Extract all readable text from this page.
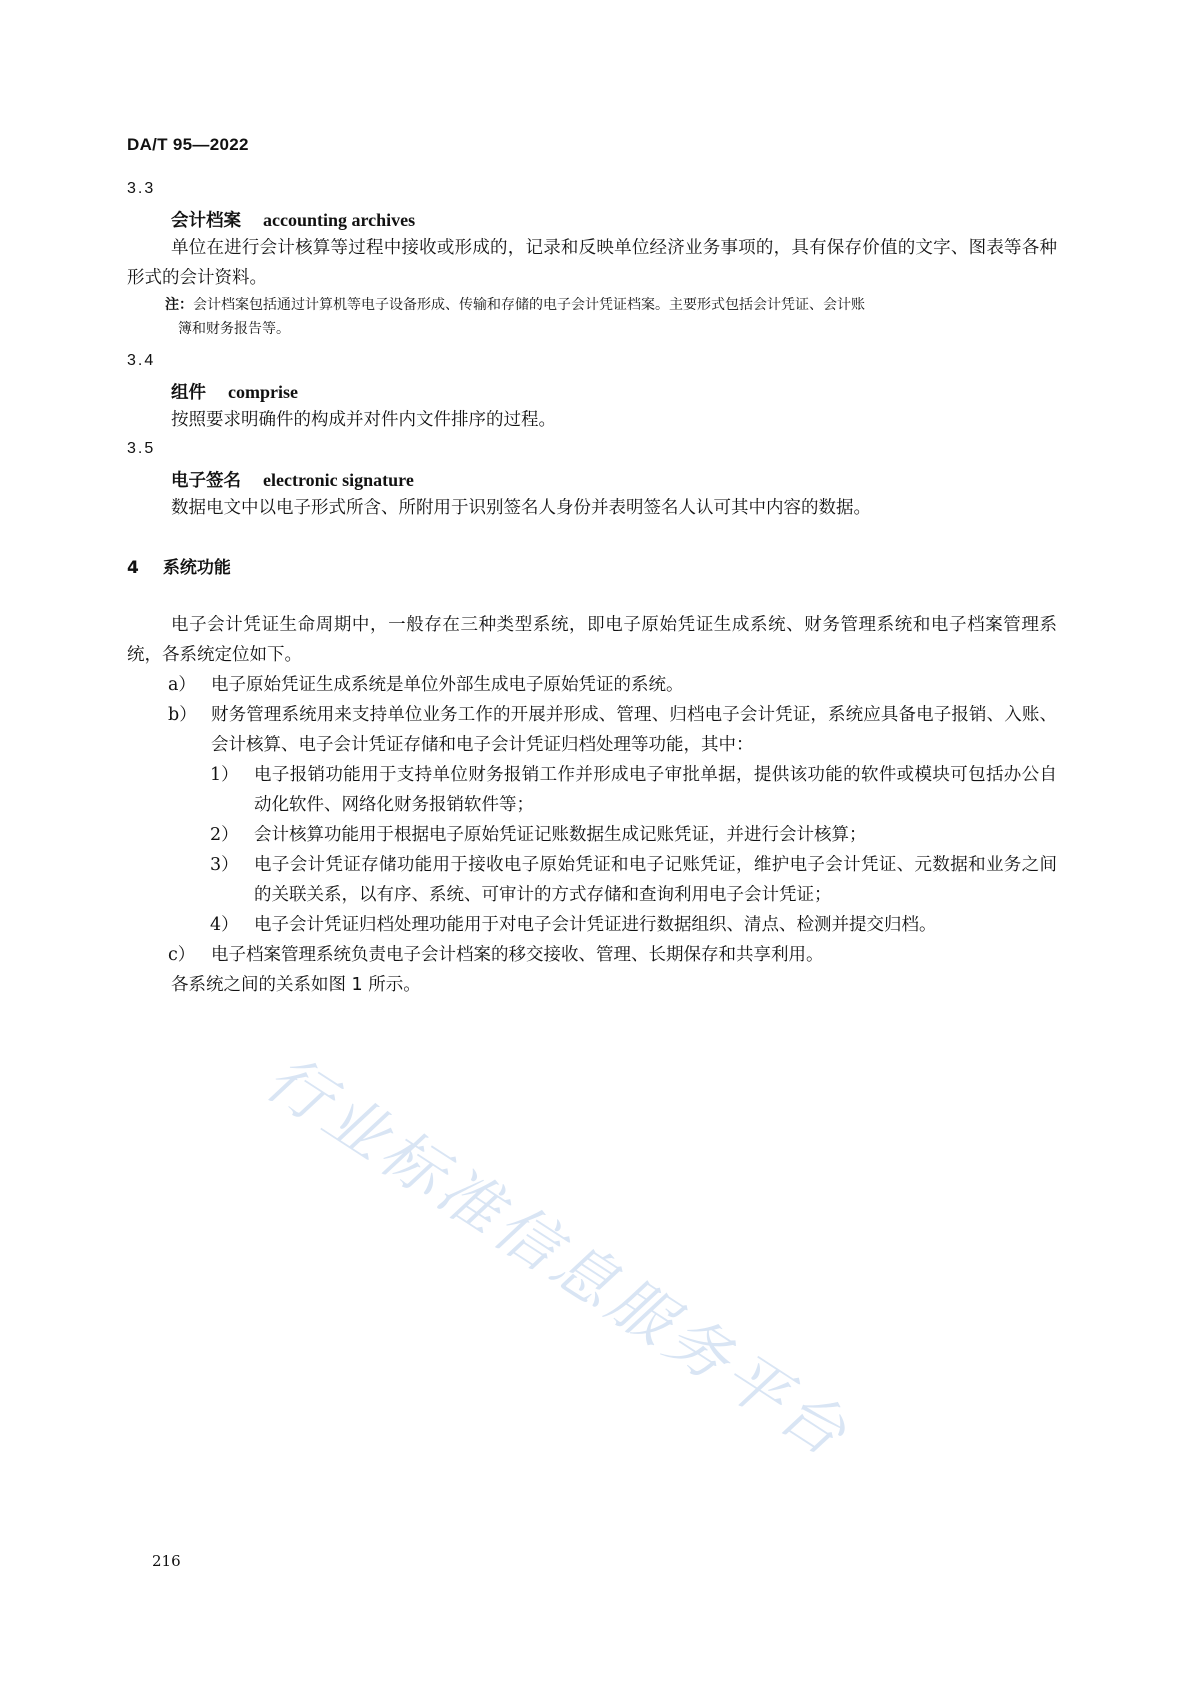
DA/T 95—2022
3.3
会计档案 accounting archives
单位在进行会计核算等过程中接收或形成的，记录和反映单位经济业务事项的，具有保存价值的文字、图表等各种形式的会计资料。
注：会计档案包括通过计算机等电子设备形成、传输和存储的电子会计凭证档案。主要形式包括会计凭证、会计账
簿和财务报告等。
3.4
组件 comprise
按照要求明确件的构成并对件内文件排序的过程。
3.5
电子签名 electronic signature
数据电文中以电子形式所含、所附用于识别签名人身份并表明签名人认可其中内容的数据。
4 系统功能
电子会计凭证生命周期中，一般存在三种类型系统，即电子原始凭证生成系统、财务管理系统和电子档案管理系统，各系统定位如下。
a） 电子原始凭证生成系统是单位外部生成电子原始凭证的系统。
b） 财务管理系统用来支持单位业务工作的开展并形成、管理、归档电子会计凭证，系统应具备电子报销、入账、会计核算、电子会计凭证存储和电子会计凭证归档处理等功能，其中：
1） 电子报销功能用于支持单位财务报销工作并形成电子审批单据，提供该功能的软件或模块可包括办公自动化软件、网络化财务报销软件等；
2） 会计核算功能用于根据电子原始凭证记账数据生成记账凭证，并进行会计核算；
3） 电子会计凭证存储功能用于接收电子原始凭证和电子记账凭证，维护电子会计凭证、元数据和业务之间的关联关系，以有序、系统、可审计的方式存储和查询利用电子会计凭证；
4） 电子会计凭证归档处理功能用于对电子会计凭证进行数据组织、清点、检测并提交归档。
c） 电子档案管理系统负责电子会计档案的移交接收、管理、长期保存和共享利用。
各系统之间的关系如图 1 所示。
行业标准信息服务平台
216
